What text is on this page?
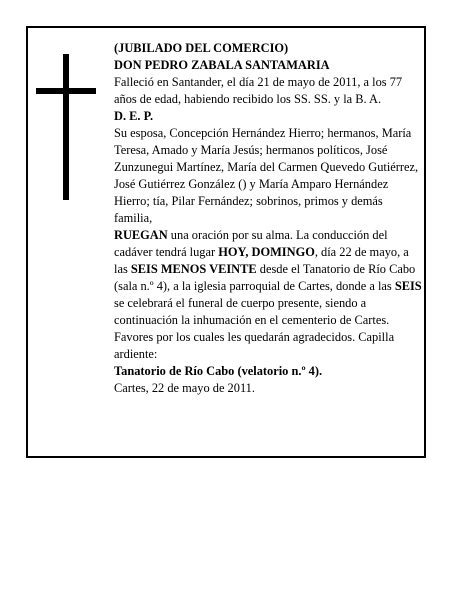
(JUBILADO DEL COMERCIO)

DON PEDRO ZABALA SANTAMARIA

Falleció en Santander, el día 21 de mayo de 2011, a los 77 años de edad, habiendo recibido los SS. SS. y la B. A.

D. E. P.

Su esposa, Concepción Hernández Hierro; hermanos, María Teresa, Amado y María Jesús; hermanos políticos, José Zunzunegui Martínez, María del Carmen Quevedo Gutiérrez, José Gutiérrez González () y María Amparo Hernández Hierro; tía, Pilar Fernández; sobrinos, primos y demás familia,

RUEGAN una oración por su alma. La conducción del cadáver tendrá lugar HOY, DOMINGO, día 22 de mayo, a las SEIS MENOS VEINTE desde el Tanatorio de Río Cabo (sala n.º 4), a la iglesia parroquial de Cartes, donde a las SEIS se celebrará el funeral de cuerpo presente, siendo a continuación la inhumación en el cementerio de Cartes. Favores por los cuales les quedarán agradecidos. Capilla ardiente:

Tanatorio de Río Cabo (velatorio n.º 4).

Cartes, 22 de mayo de 2011.
